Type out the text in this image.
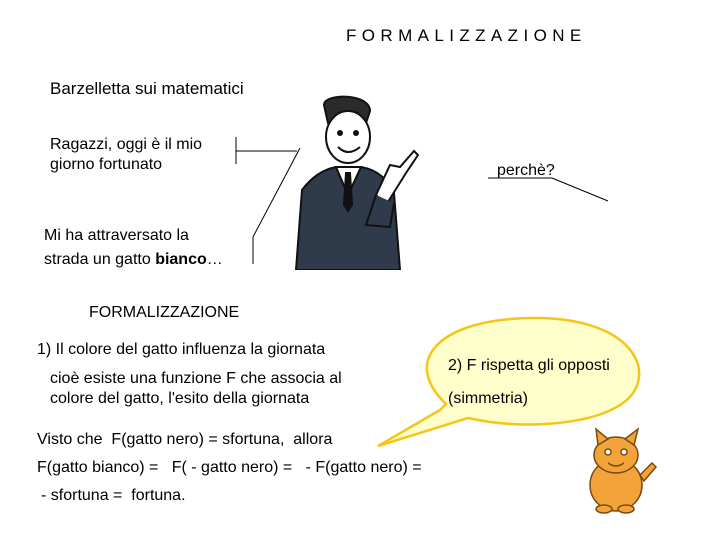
FORMALIZZAZIONE
Barzelletta sui matematici
Ragazzi, oggi è il mio
giorno fortunato	perchè?
Mi ha attraversato la
strada un gatto bianco…
FORMALIZZAZIONE
1) Il colore del gatto influenza la giornata
cioè esiste una funzione F che associa al
colore del gatto, l'esito della giornata
2) F rispetta gli opposti
(simmetria)
Visto che  F(gatto nero) = sfortuna,  allora
F(gatto bianco) =   F( - gatto nero) =   - F(gatto nero) =
- sfortuna =  fortuna.
